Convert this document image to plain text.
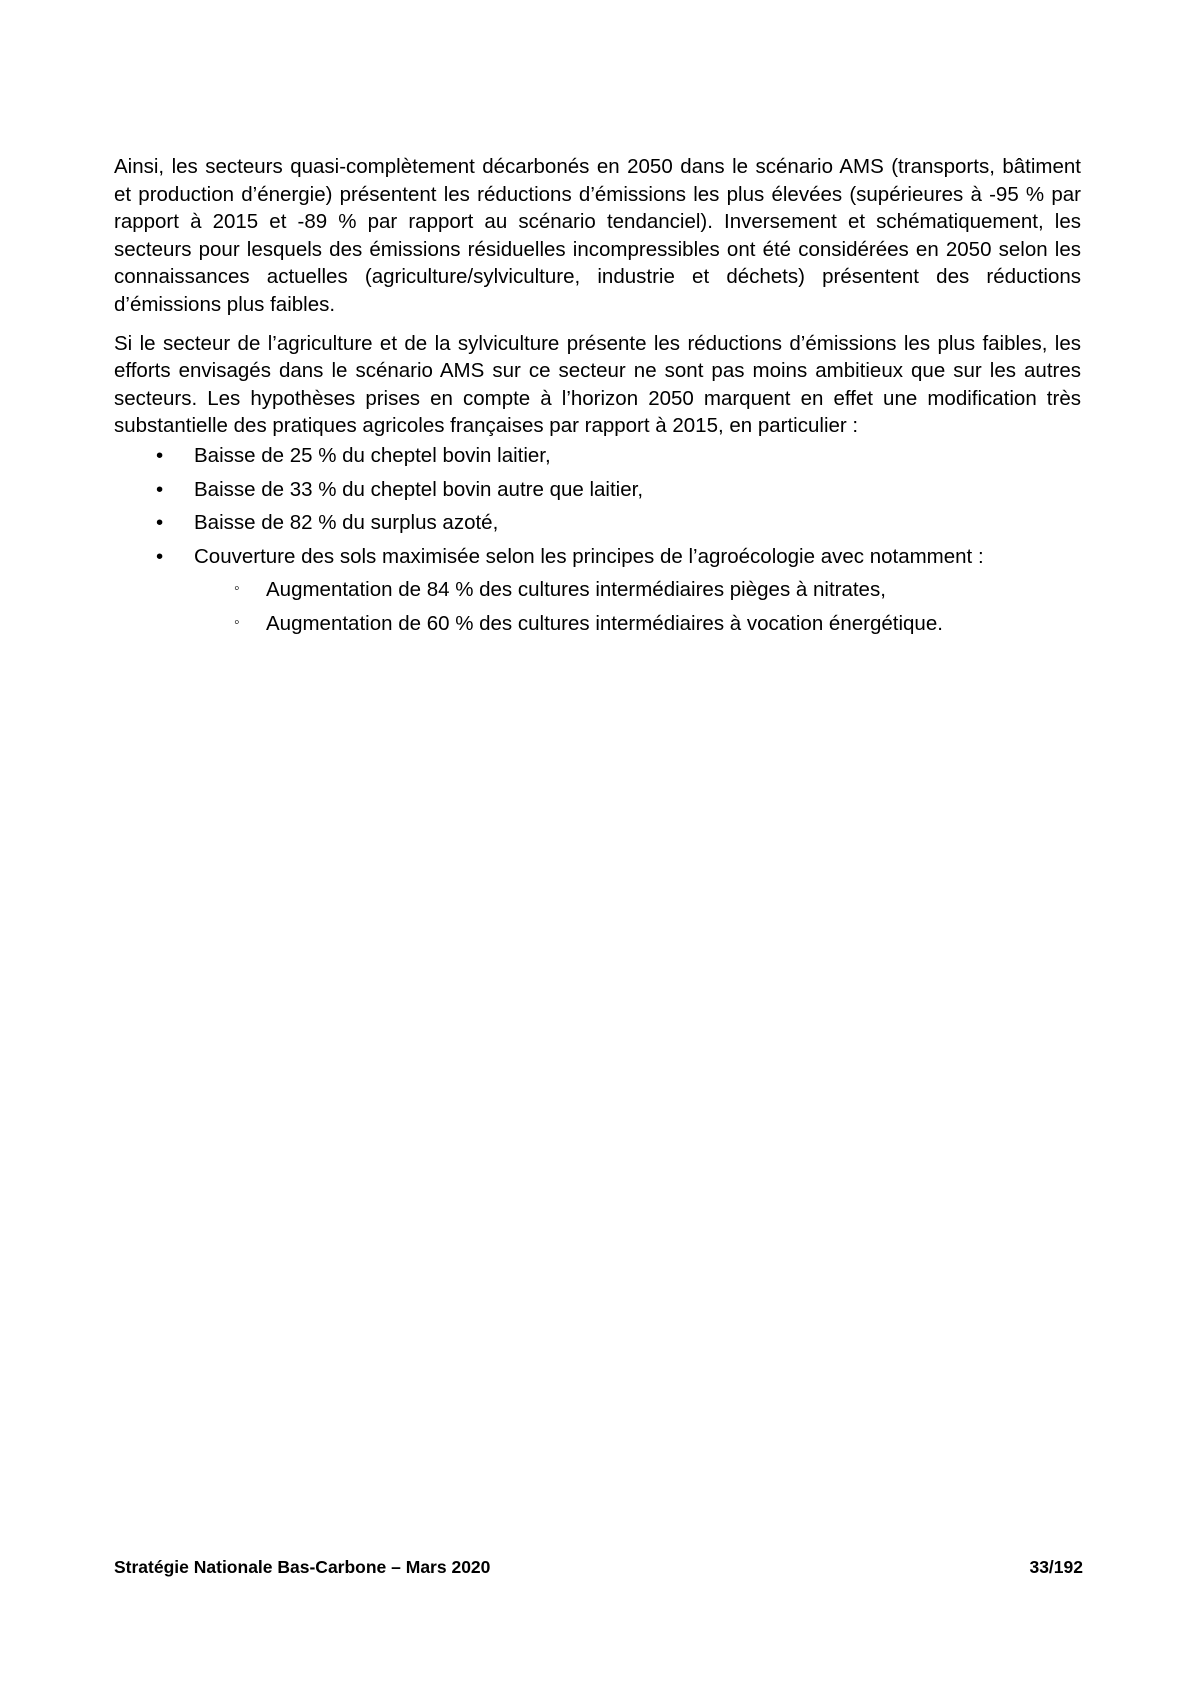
Ainsi, les secteurs quasi-complètement décarbonés en 2050 dans le scénario AMS (transports, bâtiment et production d’énergie) présentent les réductions d’émissions les plus élevées (supérieures à -95 % par rapport à 2015 et -89 % par rapport au scénario tendanciel). Inversement et schématiquement, les secteurs pour lesquels des émissions résiduelles incompressibles ont été considérées en 2050 selon les connaissances actuelles (agriculture/sylviculture, industrie et déchets) présentent des réductions d’émissions plus faibles.

Si le secteur de l’agriculture et de la sylviculture présente les réductions d’émissions les plus faibles, les efforts envisagés dans le scénario AMS sur ce secteur ne sont pas moins ambitieux que sur les autres secteurs. Les hypothèses prises en compte à l’horizon 2050 marquent en effet une modification très substantielle des pratiques agricoles françaises par rapport à 2015, en particulier :

• Baisse de 25 % du cheptel bovin laitier,
• Baisse de 33 % du cheptel bovin autre que laitier,
• Baisse de 82 % du surplus azoté,
• Couverture des sols maximisée selon les principes de l’agroécologie avec notamment :
◦ Augmentation de 84 % des cultures intermédiaires pièges à nitrates,
◦ Augmentation de 60 % des cultures intermédiaires à vocation énergétique.
Stratégie Nationale Bas-Carbone – Mars 2020	33/192
